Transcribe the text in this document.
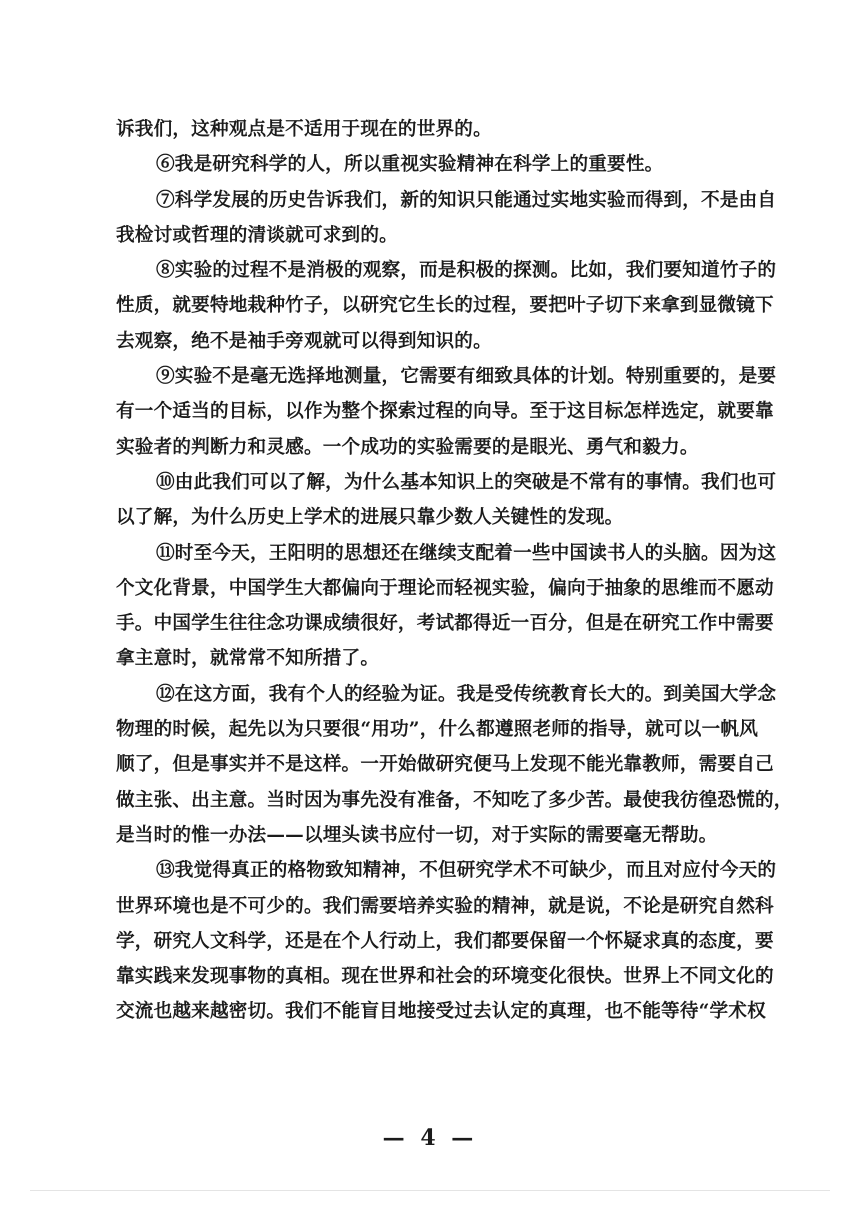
诉我们，这种观点是不适用于现在的世界的。
⑥我是研究科学的人，所以重视实验精神在科学上的重要性。
⑦科学发展的历史告诉我们，新的知识只能通过实地实验而得到，不是由自
我检讨或哲理的清谈就可求到的。
⑧实验的过程不是消极的观察，而是积极的探测。比如，我们要知道竹子的
性质，就要特地栽种竹子，以研究它生长的过程，要把叶子切下来拿到显微镜下
去观察，绝不是袖手旁观就可以得到知识的。
⑨实验不是毫无选择地测量，它需要有细致具体的计划。特别重要的，是要
有一个适当的目标，以作为整个探索过程的向导。至于这目标怎样选定，就要靠
实验者的判断力和灵感。一个成功的实验需要的是眼光、勇气和毅力。
⑩由此我们可以了解，为什么基本知识上的突破是不常有的事情。我们也可
以了解，为什么历史上学术的进展只靠少数人关键性的发现。
⑪时至今天，王阳明的思想还在继续支配着一些中国读书人的头脑。因为这
个文化背景，中国学生大都偏向于理论而轻视实验，偏向于抽象的思维而不愿动
手。中国学生往往念功课成绩很好，考试都得近一百分，但是在研究工作中需要
拿主意时，就常常不知所措了。
⑫在这方面，我有个人的经验为证。我是受传统教育长大的。到美国大学念
物理的时候，起先以为只要很“用功”，什么都遵照老师的指导，就可以一帆风
顺了，但是事实并不是这样。一开始做研究便马上发现不能光靠教师，需要自己
做主张、出主意。当时因为事先没有准备，不知吃了多少苦。最使我彷徨恐慌的，
是当时的惟一办法——以埋头读书应付一切，对于实际的需要毫无帮助。
⑬我觉得真正的格物致知精神，不但研究学术不可缺少，而且对应付今天的
世界环境也是不可少的。我们需要培养实验的精神，就是说，不论是研究自然科
学，研究人文科学，还是在个人行动上，我们都要保留一个怀疑求真的态度，要
靠实践来发现事物的真相。现在世界和社会的环境变化很快。世界上不同文化的
交流也越来越密切。我们不能盲目地接受过去认定的真理，也不能等待“学术权
— 4 —
